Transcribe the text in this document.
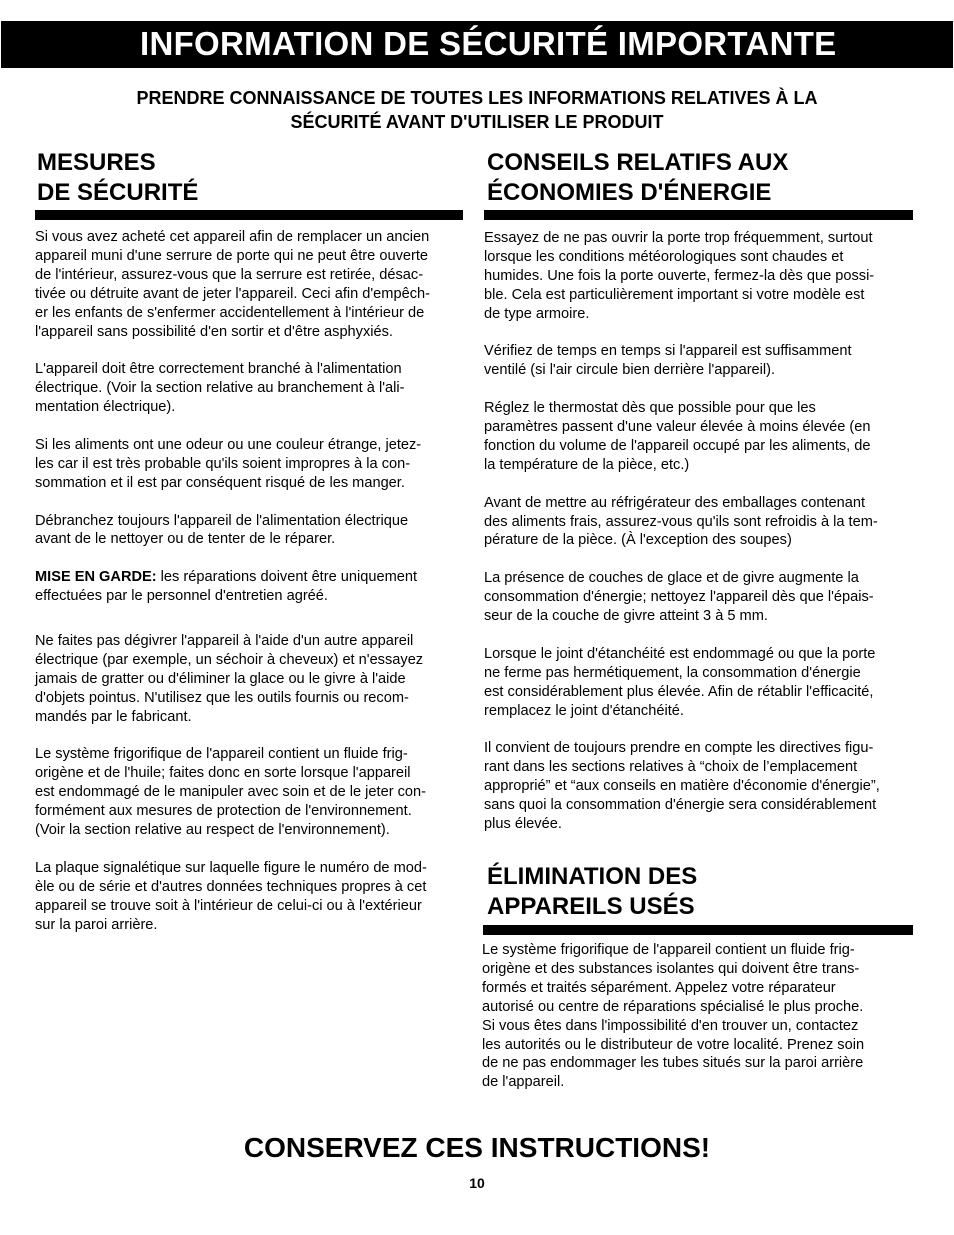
INFORMATION DE SÉCURITÉ IMPORTANTE
PRENDRE CONNAISSANCE DE TOUTES LES INFORMATIONS RELATIVES À LA
SÉCURITÉ AVANT D'UTILISER LE PRODUIT
MESURES
DE SÉCURITÉ

Si vous avez acheté cet appareil afin de remplacer un ancien
appareil muni d'une serrure de porte qui ne peut être ouverte
de l'intérieur, assurez-vous que la serrure est retirée, désac-
tivée ou détruite avant de jeter l'appareil. Ceci afin d'empêch-
er les enfants de s'enfermer accidentellement à l'intérieur de
l'appareil sans possibilité d'en sortir et d'être asphyxiés.

L'appareil doit être correctement branché à l'alimentation
électrique. (Voir la section relative au branchement à l'ali-
mentation électrique).

Si les aliments ont une odeur ou une couleur étrange, jetez-
les car il est très probable qu'ils soient impropres à la con-
sommation et il est par conséquent risqué de les manger.

Débranchez toujours l'appareil de l'alimentation électrique
avant de le nettoyer ou de tenter de le réparer.

MISE EN GARDE: les réparations doivent être uniquement
effectuées par le personnel d'entretien agréé.

Ne faites pas dégivrer l'appareil à l'aide d'un autre appareil
électrique (par exemple, un séchoir à cheveux) et n'essayez
jamais de gratter ou d'éliminer la glace ou le givre à l'aide
d'objets pointus. N'utilisez que les outils fournis ou recom-
mandés par le fabricant.

Le système frigorifique de l'appareil contient un fluide frig-
origène et de l'huile; faites donc en sorte lorsque l'appareil
est endommagé de le manipuler avec soin et de le jeter con-
formément aux mesures de protection de l'environnement.
(Voir la section relative au respect de l'environnement).

La plaque signalétique sur laquelle figure le numéro de mod-
èle ou de série et d'autres données techniques propres à cet
appareil se trouve soit à l'intérieur de celui-ci ou à l'extérieur
sur la paroi arrière.

CONSEILS RELATIFS AUX
ÉCONOMIES D'ÉNERGIE

Essayez de ne pas ouvrir la porte trop fréquemment, surtout
lorsque les conditions météorologiques sont chaudes et
humides. Une fois la porte ouverte, fermez-la dès que possi-
ble. Cela est particulièrement important si votre modèle est
de type armoire.

Vérifiez de temps en temps si l'appareil est suffisamment
ventilé (si l'air circule bien derrière l'appareil).

Réglez le thermostat dès que possible pour que les
paramètres passent d'une valeur élevée à moins élevée (en
fonction du volume de l'appareil occupé par les aliments, de
la température de la pièce, etc.)

Avant de mettre au réfrigérateur des emballages contenant
des aliments frais, assurez-vous qu'ils sont refroidis à la tem-
pérature de la pièce. (À l'exception des soupes)

La présence de couches de glace et de givre augmente la
consommation d'énergie; nettoyez l'appareil dès que l'épais-
seur de la couche de givre atteint 3 à 5 mm.

Lorsque le joint d'étanchéité est endommagé ou que la porte
ne ferme pas hermétiquement, la consommation d'énergie
est considérablement plus élevée. Afin de rétablir l'efficacité,
remplacez le joint d'étanchéité.

Il convient de toujours prendre en compte les directives figu-
rant dans les sections relatives à “choix de l’emplacement
approprié” et “aux conseils en matière d'économie d'énergie”,
sans quoi la consommation d'énergie sera considérablement
plus élevée.

ÉLIMINATION DES
APPAREILS USÉS

Le système frigorifique de l'appareil contient un fluide frig-
origène et des substances isolantes qui doivent être trans-
formés et traités séparément. Appelez votre réparateur
autorisé ou centre de réparations spécialisé le plus proche.
Si vous êtes dans l'impossibilité d'en trouver un, contactez
les autorités ou le distributeur de votre localité. Prenez soin
de ne pas endommager les tubes situés sur la paroi arrière
de l'appareil.

CONSERVEZ CES INSTRUCTIONS!
10
